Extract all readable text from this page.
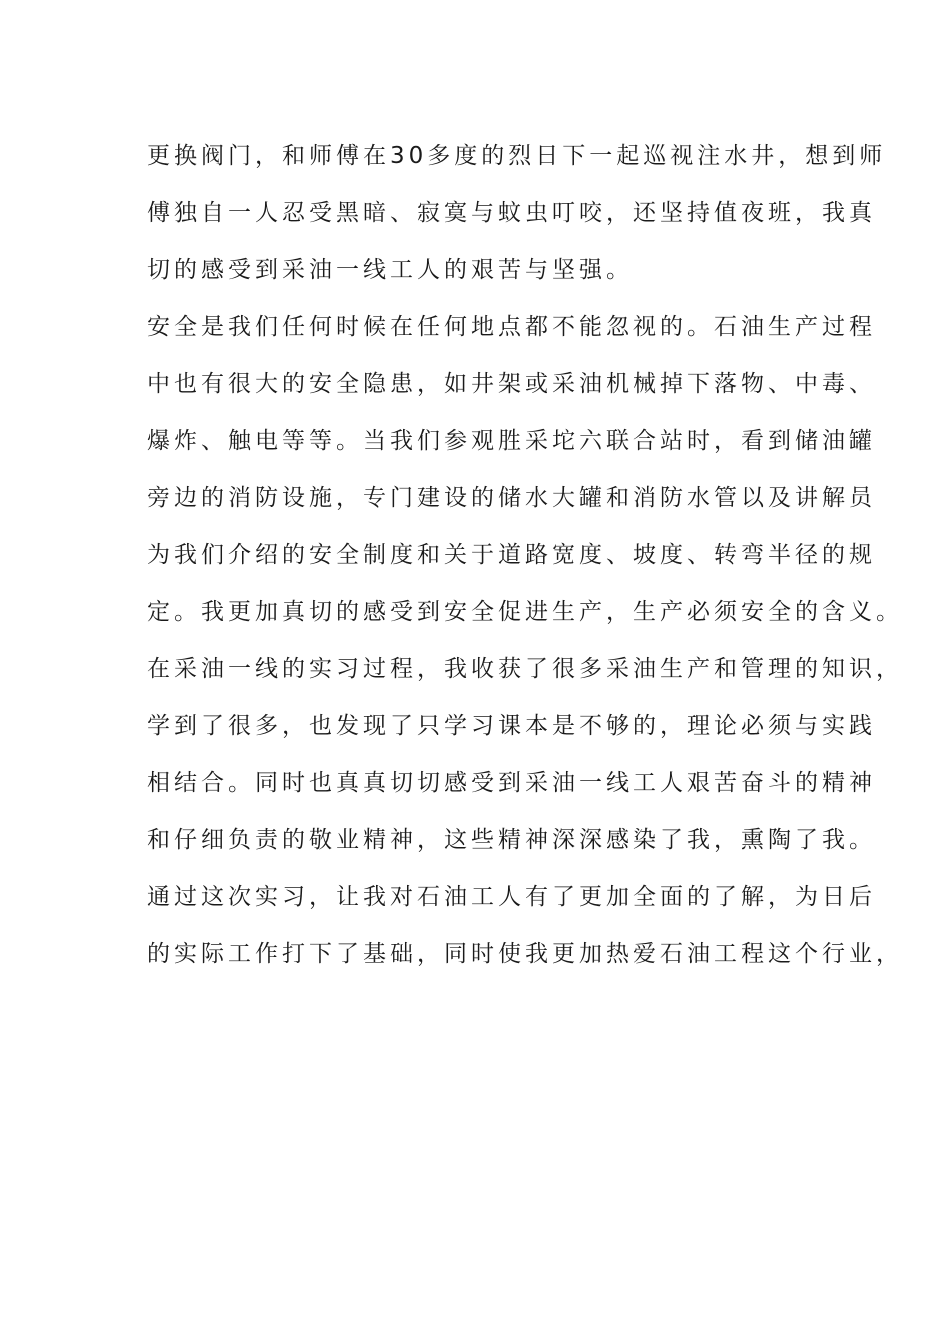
更换阀门，和师傅在30多度的烈日下一起巡视注水井，想到师

傅独自一人忍受黑暗、寂寞与蚊虫叮咬，还坚持值夜班，我真

切的感受到采油一线工人的艰苦与坚强。

安全是我们任何时候在任何地点都不能忽视的。石油生产过程

中也有很大的安全隐患，如井架或采油机械掉下落物、中毒、

爆炸、触电等等。当我们参观胜采坨六联合站时，看到储油罐

旁边的消防设施，专门建设的储水大罐和消防水管以及讲解员

为我们介绍的安全制度和关于道路宽度、坡度、转弯半径的规

定。我更加真切的感受到安全促进生产，生产必须安全的含义。

在采油一线的实习过程，我收获了很多采油生产和管理的知识，

学到了很多，也发现了只学习课本是不够的，理论必须与实践

相结合。同时也真真切切感受到采油一线工人艰苦奋斗的精神

和仔细负责的敬业精神，这些精神深深感染了我，熏陶了我。

通过这次实习，让我对石油工人有了更加全面的了解，为日后

的实际工作打下了基础，同时使我更加热爱石油工程这个行业，
